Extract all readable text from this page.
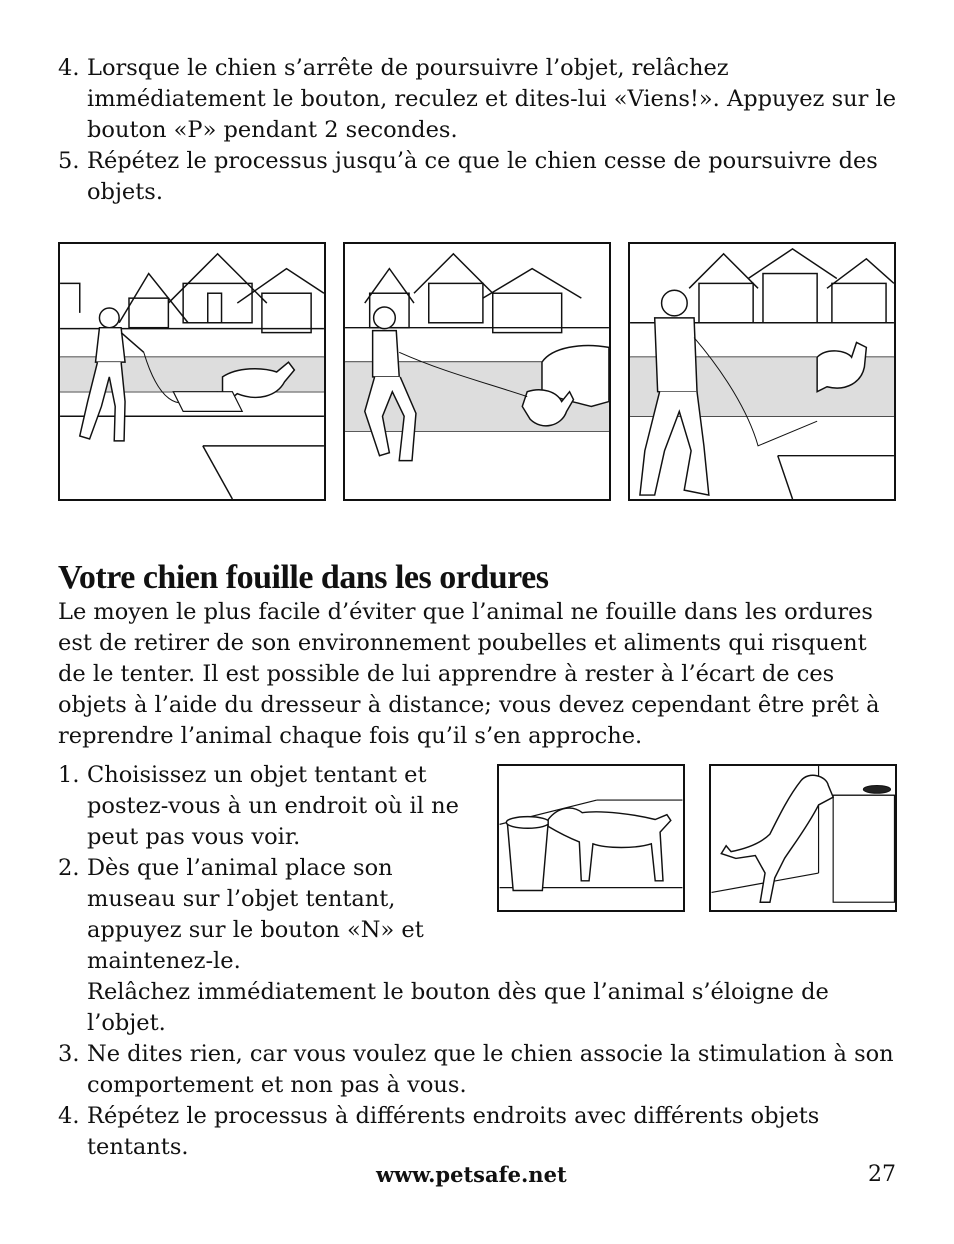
4. Lorsque le chien s’arrête de poursuivre l’objet, relâchez immédiatement le bouton, reculez et dites-lui «Viens!». Appuyez sur le bouton «P» pendant 2 secondes.
5. Répétez le processus jusqu’à ce que le chien cesse de poursuivre des objets.
Votre chien fouille dans les ordures

Le moyen le plus facile d’éviter que l’animal ne fouille dans les ordures est de retirer de son environnement poubelles et aliments qui risquent de le tenter. Il est possible de lui apprendre à rester à l’écart de ces objets à l’aide du dresseur à distance; vous devez cependant être prêt à reprendre l’animal chaque fois qu’il s’en approche.

1. Choisissez un objet tentant et postez-vous à un endroit où il ne peut pas vous voir.
2. Dès que l’animal place son museau sur l’objet tentant, appuyez sur le bouton «N» et maintenez-le.
Relâchez immédiatement le bouton dès que l’animal s’éloigne de l’objet.
3. Ne dites rien, car vous voulez que le chien associe la stimulation à son comportement et non pas à vous.
4. Répétez le processus à différents endroits avec différents objets tentants.
www.petsafe.net	27
